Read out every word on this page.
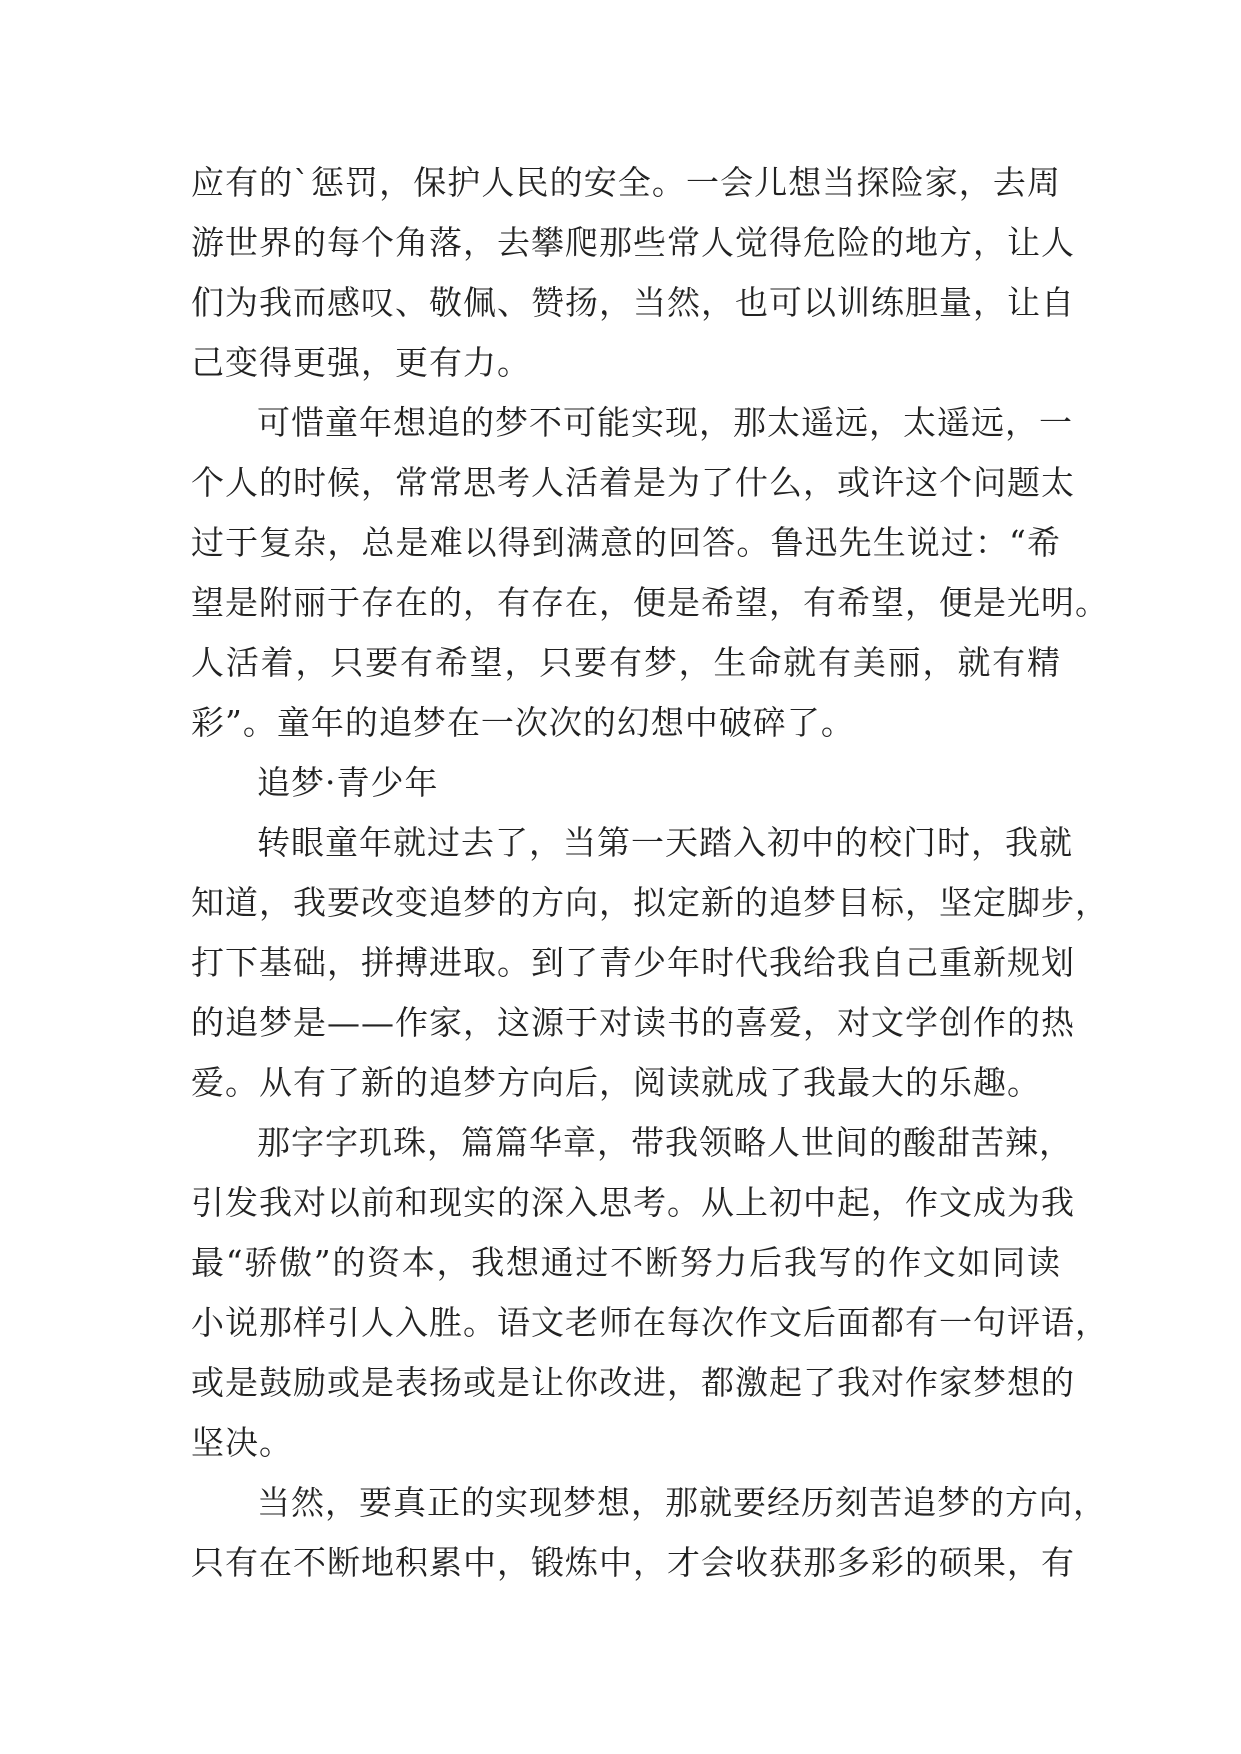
应有的`惩罚，保护人民的安全。一会儿想当探险家，去周
游世界的每个角落，去攀爬那些常人觉得危险的地方，让人
们为我而感叹、敬佩、赞扬，当然，也可以训练胆量，让自
己变得更强，更有力。
可惜童年想追的梦不可能实现，那太遥远，太遥远，一
个人的时候，常常思考人活着是为了什么，或许这个问题太
过于复杂，总是难以得到满意的回答。鲁迅先生说过：“希
望是附丽于存在的，有存在，便是希望，有希望，便是光明。
人活着，只要有希望，只要有梦，生命就有美丽，就有精
彩”。童年的追梦在一次次的幻想中破碎了。
追梦·青少年
转眼童年就过去了，当第一天踏入初中的校门时，我就
知道，我要改变追梦的方向，拟定新的追梦目标，坚定脚步，
打下基础，拼搏进取。到了青少年时代我给我自己重新规划
的追梦是——作家，这源于对读书的喜爱，对文学创作的热
爱。从有了新的追梦方向后，阅读就成了我最大的乐趣。
那字字玑珠，篇篇华章，带我领略人世间的酸甜苦辣，
引发我对以前和现实的深入思考。从上初中起，作文成为我
最“骄傲”的资本，我想通过不断努力后我写的作文如同读
小说那样引人入胜。语文老师在每次作文后面都有一句评语，
或是鼓励或是表扬或是让你改进，都激起了我对作家梦想的
坚决。
当然，要真正的实现梦想，那就要经历刻苦追梦的方向，
只有在不断地积累中，锻炼中，才会收获那多彩的硕果，有
